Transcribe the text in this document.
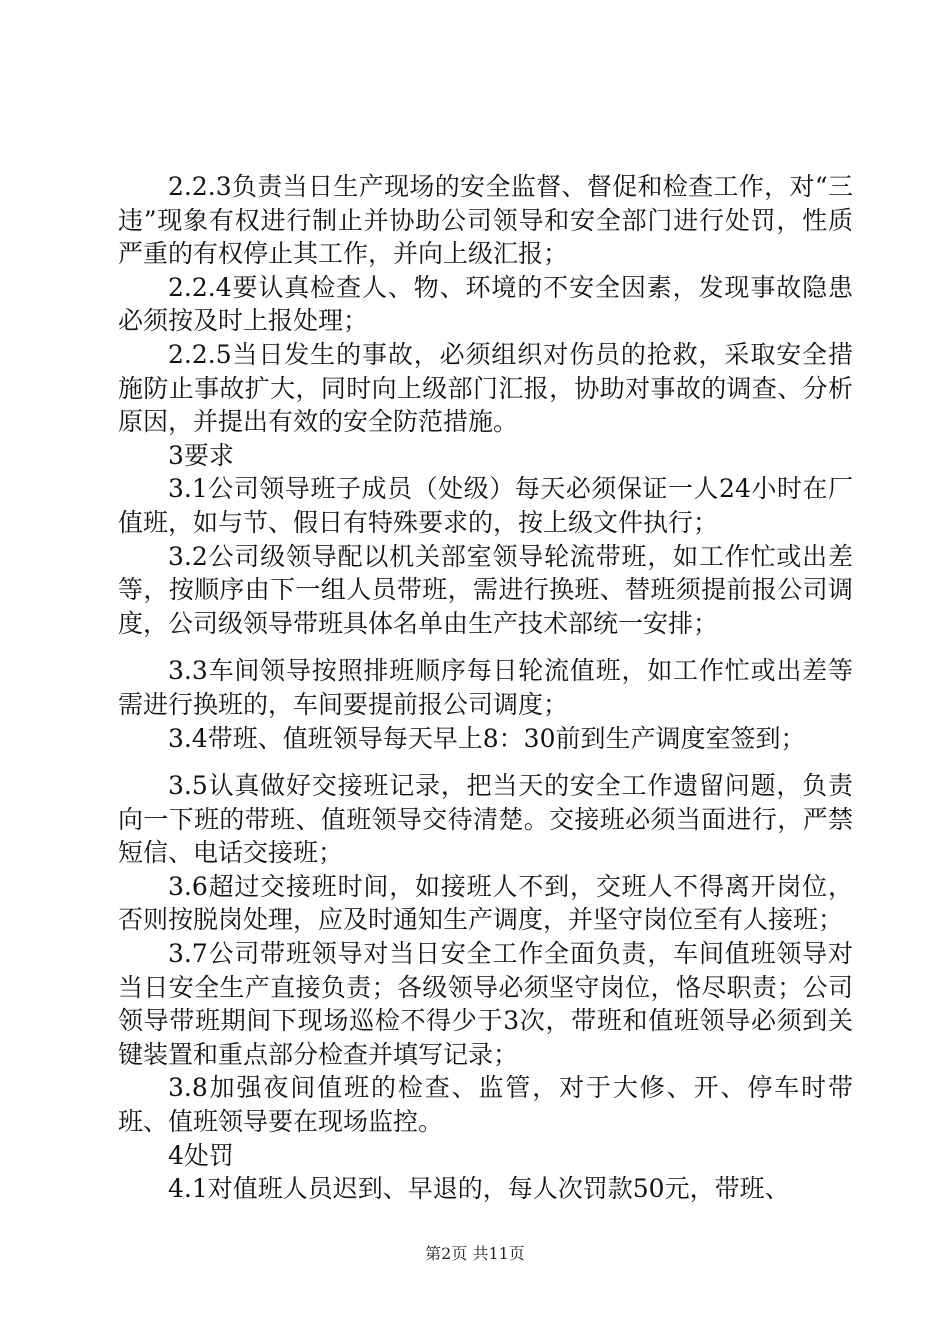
2.2.3负责当日生产现场的安全监督、督促和检查工作，对“三违”现象有权进行制止并协助公司领导和安全部门进行处罚，性质严重的有权停止其工作，并向上级汇报；

2.2.4要认真检查人、物、环境的不安全因素，发现事故隐患必须按及时上报处理；

2.2.5当日发生的事故，必须组织对伤员的抢救，采取安全措施防止事故扩大，同时向上级部门汇报，协助对事故的调查、分析原因，并提出有效的安全防范措施。

3要求

3.1公司领导班子成员（处级）每天必须保证一人24小时在厂值班，如与节、假日有特殊要求的，按上级文件执行；

3.2公司级领导配以机关部室领导轮流带班，如工作忙或出差等，按顺序由下一组人员带班，需进行换班、替班须提前报公司调度，公司级领导带班具体名单由生产技术部统一安排；

3.3车间领导按照排班顺序每日轮流值班，如工作忙或出差等需进行换班的，车间要提前报公司调度；

3.4带班、值班领导每天早上8：30前到生产调度室签到；

3.5认真做好交接班记录，把当天的安全工作遗留问题，负责向一下班的带班、值班领导交待清楚。交接班必须当面进行，严禁短信、电话交接班；

3.6超过交接班时间，如接班人不到，交班人不得离开岗位，否则按脱岗处理，应及时通知生产调度，并坚守岗位至有人接班；

3.7公司带班领导对当日安全工作全面负责，车间值班领导对当日安全生产直接负责；各级领导必须坚守岗位，恪尽职责；公司领导带班期间下现场巡检不得少于3次，带班和值班领导必须到关键装置和重点部分检查并填写记录；

3.8加强夜间值班的检查、监管，对于大修、开、停车时带班、值班领导要在现场监控。

4处罚

4.1对值班人员迟到、早退的，每人次罚款50元，带班、

第2页 共11页
